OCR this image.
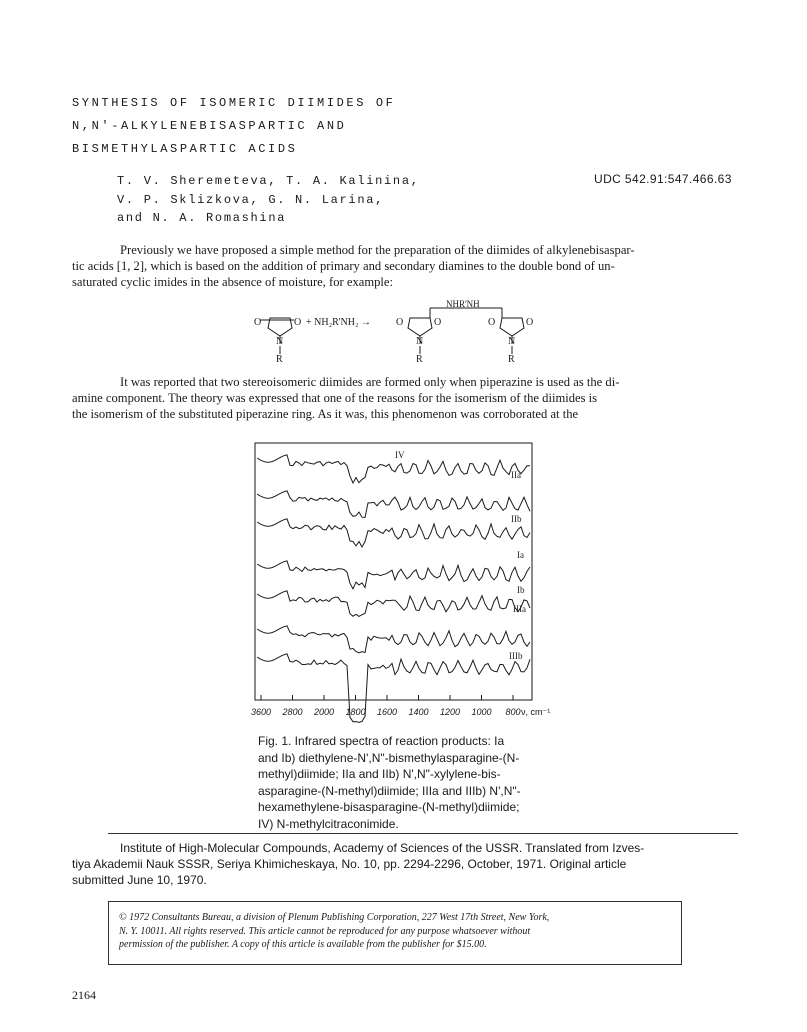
SYNTHESIS OF ISOMERIC DIIMIDES OF
N,N'-ALKYLENEBISASPARTIC AND
BISMETHYLASPARTIC ACIDS
T. V. Sheremeteva, T. A. Kalinina,
V. P. Sklizkova, G. N. Larina,
and N. A. Romashina
UDC 542.91:547.466.63
Previously we have proposed a simple method for the preparation of the diimides of alkylenebisaspar-
tic acids [1, 2], which is based on the addition of primary and secondary diamines to the double bond of un-
saturated cyclic imides in the absence of moisture, for example:
O	O
N
R
+ NH₂R'NH₂ →	O	O
N
R
NHR'NH
O	O
N
R
It was reported that two stereoisomeric diimides are formed only when piperazine is used as the di-
amine component. The theory was expressed that one of the reasons for the isomerism of the diimides is
the isomerism of the substituted piperazine ring. As it was, this phenomenon was corroborated at the
IV
IIa
IIb
Ia
Ib
IIIa
IIIb
3600 2800 2000 1800 1600 1400 1200 1000 800 ν, cm⁻¹
Fig. 1. Infrared spectra of reaction products: Ia
and Ib) diethylene-N',N"-bismethylasparagine-(N-
methyl)diimide; IIa and IIb) N',N"-xylylene-bis-
asparagine-(N-methyl)diimide; IIIa and IIIb) N',N"-
hexamethylene-bisasparagine-(N-methyl)diimide;
IV) N-methylcitraconimide.
Institute of High-Molecular Compounds, Academy of Sciences of the USSR. Translated from Izves-
tiya Akademii Nauk SSSR, Seriya Khimicheskaya, No. 10, pp. 2294-2296, October, 1971. Original article
submitted June 10, 1970.
© 1972 Consultants Bureau, a division of Plenum Publishing Corporation, 227 West 17th Street, New York,
N. Y. 10011. All rights reserved. This article cannot be reproduced for any purpose whatsoever without
permission of the publisher. A copy of this article is available from the publisher for $15.00.
2164
